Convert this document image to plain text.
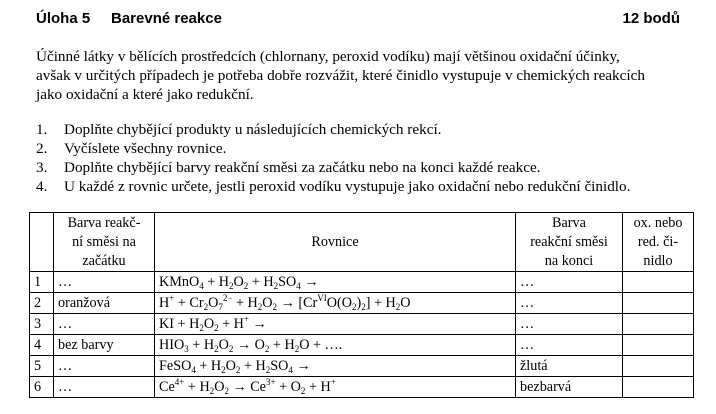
Úloha 5 Barevné reakce	12 bodů
Účinné látky v bělících prostředcích (chlornany, peroxid vodíku) mají většinou oxidační účinky,
avšak v určitých případech je potřeba dobře rozvážit, které činidlo vystupuje v chemických reakcích
jako oxidační a které jako redukční.
1. Doplňte chybějící produkty u následujících chemických rekcí.
2. Vyčíslete všechny rovnice.
3. Doplňte chybějící barvy reakční směsi za začátku nebo na konci každé reakce.
4. U každé z rovnic určete, jestli peroxid vodíku vystupuje jako oxidační nebo redukční činidlo.
	Barva reakč-
ní směsi na
začátku	Rovnice	Barva
reakční směsi
na konci	ox. nebo
red. či-
nidlo
1	…	KMnO$_4$ + $H_2O_2 + H_2SO_4$ →	…	
2	oranžová	$H^+ + Cr_2O_7^{2-} + H_2O_2 \to [Cr^{VI}O(O_2)_2] + H_2O$	…	
3	…	KI + $H_2O_2 + H^+$ →	…	
4	bez barvy	$HIO_3 + H_2O_2 \to O_2 + H_2O$ + ….	…	
5	…	FeSO$_4$ + $H_2O_2 + H_2SO_4$ →	žlutá	
6	…	$Ce^{4+} + H_2O_2 \to Ce^{3+} + O_2 + H^+$	bezbarvá	
